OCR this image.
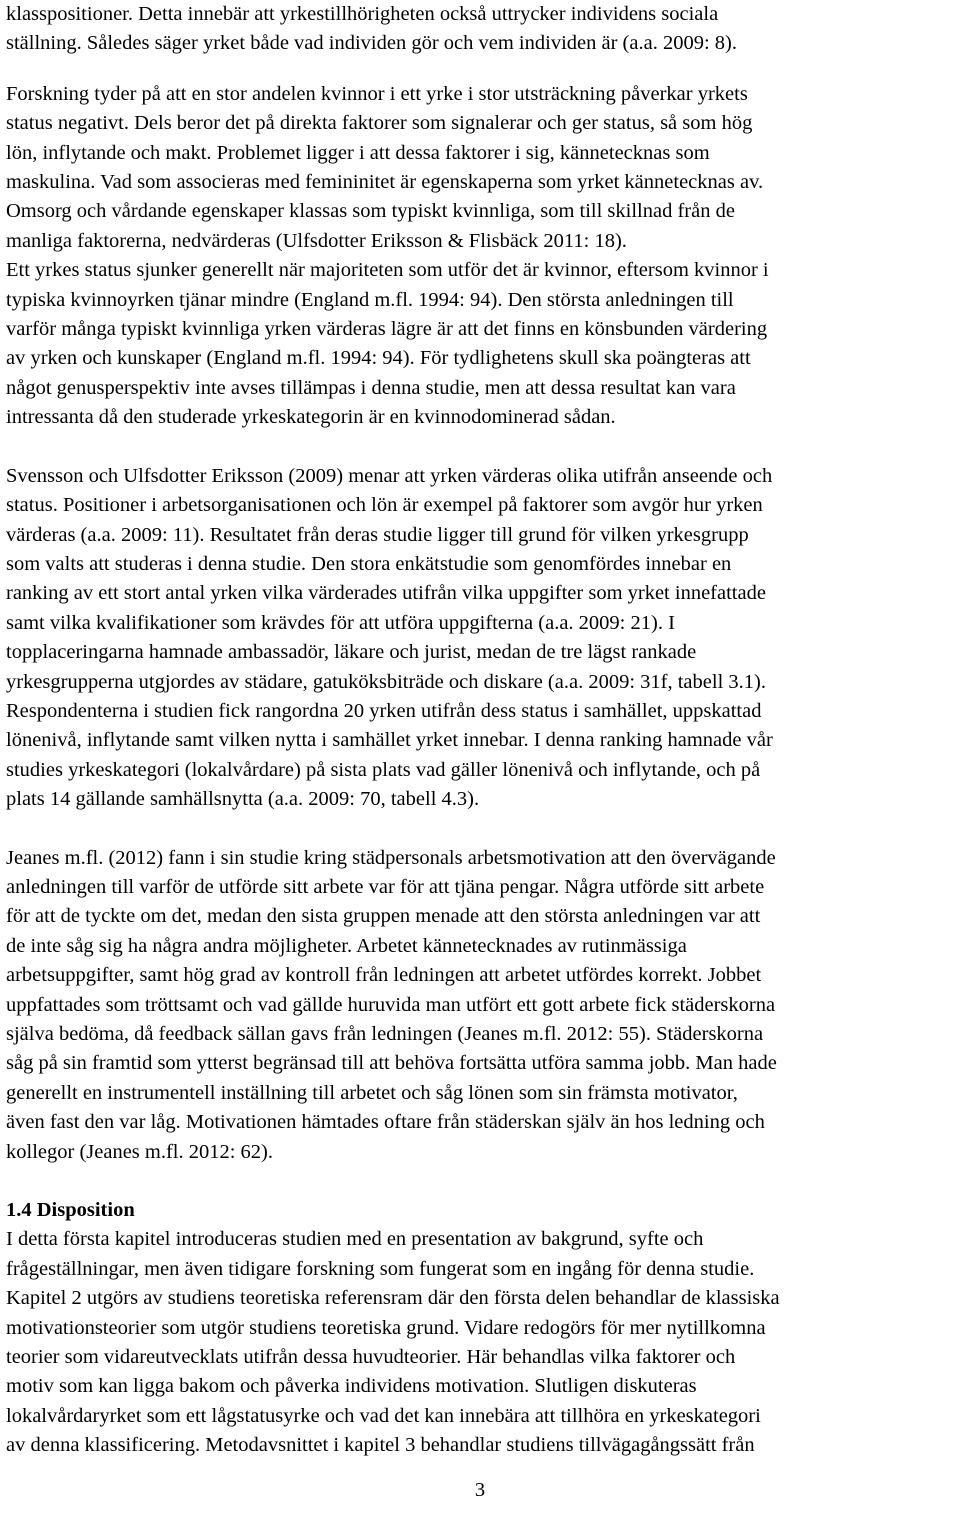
klasspositioner. Detta innebär att yrkestillhörigheten också uttrycker individens sociala

ställning. Således säger yrket både vad individen gör och vem individen är (a.a. 2009: 8).

Forskning tyder på att en stor andelen kvinnor i ett yrke i stor utsträckning påverkar yrkets

status negativt. Dels beror det på direkta faktorer som signalerar och ger status, så som hög

lön, inflytande och makt. Problemet ligger i att dessa faktorer i sig, kännetecknas som

maskulina. Vad som associeras med femininitet är egenskaperna som yrket kännetecknas av.

Omsorg och vårdande egenskaper klassas som typiskt kvinnliga, som till skillnad från de

manliga faktorerna, nedvärderas (Ulfsdotter Eriksson & Flisbäck 2011: 18).

Ett yrkes status sjunker generellt när majoriteten som utför det är kvinnor, eftersom kvinnor i

typiska kvinnoyrken tjänar mindre (England m.fl. 1994: 94). Den största anledningen till

varför många typiskt kvinnliga yrken värderas lägre är att det finns en könsbunden värdering

av yrken och kunskaper (England m.fl. 1994: 94). För tydlighetens skull ska poängteras att

något genusperspektiv inte avses tillämpas i denna studie, men att dessa resultat kan vara

intressanta då den studerade yrkeskategorin är en kvinnodominerad sådan.

Svensson och Ulfsdotter Eriksson (2009) menar att yrken värderas olika utifrån anseende och

status. Positioner i arbetsorganisationen och lön är exempel på faktorer som avgör hur yrken

värderas (a.a. 2009: 11). Resultatet från deras studie ligger till grund för vilken yrkesgrupp

som valts att studeras i denna studie. Den stora enkätstudie som genomfördes innebar en

ranking av ett stort antal yrken vilka värderades utifrån vilka uppgifter som yrket innefattade

samt vilka kvalifikationer som krävdes för att utföra uppgifterna (a.a. 2009: 21). I

topplaceringarna hamnade ambassadör, läkare och jurist, medan de tre lägst rankade

yrkesgrupperna utgjordes av städare, gatuköksbiträde och diskare (a.a. 2009: 31f, tabell 3.1).

Respondenterna i studien fick rangordna 20 yrken utifrån dess status i samhället, uppskattad

lönenivå, inflytande samt vilken nytta i samhället yrket innebar. I denna ranking hamnade vår

studies yrkeskategori (lokalvårdare) på sista plats vad gäller lönenivå och inflytande, och på

plats 14 gällande samhällsnytta (a.a. 2009: 70, tabell 4.3).

Jeanes m.fl. (2012) fann i sin studie kring städpersonals arbetsmotivation att den övervägande

anledningen till varför de utförde sitt arbete var för att tjäna pengar. Några utförde sitt arbete

för att de tyckte om det, medan den sista gruppen menade att den största anledningen var att

de inte såg sig ha några andra möjligheter. Arbetet kännetecknades av rutinmässiga

arbetsuppgifter, samt hög grad av kontroll från ledningen att arbetet utfördes korrekt. Jobbet

uppfattades som tröttsamt och vad gällde huruvida man utfört ett gott arbete fick städerskorna

själva bedöma, då feedback sällan gavs från ledningen (Jeanes m.fl. 2012: 55). Städerskorna

såg på sin framtid som ytterst begränsad till att behöva fortsätta utföra samma jobb. Man hade

generellt en instrumentell inställning till arbetet och såg lönen som sin främsta motivator,

även fast den var låg. Motivationen hämtades oftare från städerskan själv än hos ledning och

kollegor (Jeanes m.fl. 2012: 62).

1.4 Disposition

I detta första kapitel introduceras studien med en presentation av bakgrund, syfte och

frågeställningar, men även tidigare forskning som fungerat som en ingång för denna studie.

Kapitel 2 utgörs av studiens teoretiska referensram där den första delen behandlar de klassiska

motivationsteorier som utgör studiens teoretiska grund. Vidare redogörs för mer nytillkomna

teorier som vidareutvecklats utifrån dessa huvudteorier. Här behandlas vilka faktorer och

motiv som kan ligga bakom och påverka individens motivation. Slutligen diskuteras

lokalvårdaryrket som ett lågstatusyrke och vad det kan innebära att tillhöra en yrkeskategori

av denna klassificering. Metodavsnittet i kapitel 3 behandlar studiens tillvägagångssätt från

3
